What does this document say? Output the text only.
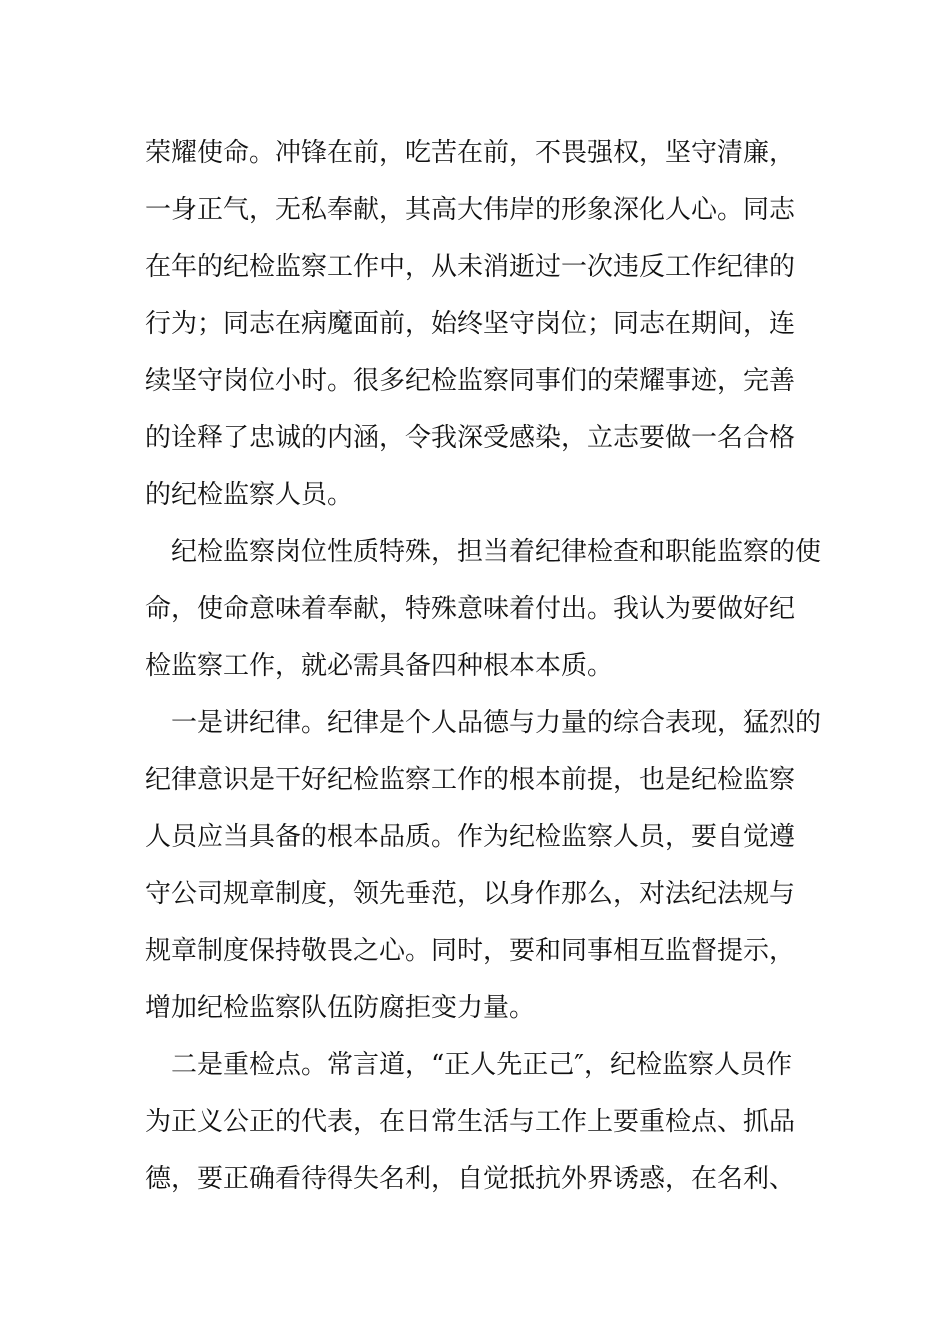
荣耀使命。冲锋在前，吃苦在前，不畏强权，坚守清廉，
一身正气，无私奉献，其高大伟岸的形象深化人心。同志
在年的纪检监察工作中，从未消逝过一次违反工作纪律的
行为；同志在病魔面前，始终坚守岗位；同志在期间，连
续坚守岗位小时。很多纪检监察同事们的荣耀事迹，完善
的诠释了忠诚的内涵，令我深受感染，立志要做一名合格
的纪检监察人员。
纪检监察岗位性质特殊，担当着纪律检查和职能监察的使
命，使命意味着奉献，特殊意味着付出。我认为要做好纪
检监察工作，就必需具备四种根本本质。
一是讲纪律。纪律是个人品德与力量的综合表现，猛烈的
纪律意识是干好纪检监察工作的根本前提，也是纪检监察
人员应当具备的根本品质。作为纪检监察人员，要自觉遵
守公司规章制度，领先垂范，以身作那么，对法纪法规与
规章制度保持敬畏之心。同时，要和同事相互监督提示，
增加纪检监察队伍防腐拒变力量。
二是重检点。常言道，“正人先正己″，纪检监察人员作
为正义公正的代表，在日常生活与工作上要重检点、抓品
德，要正确看待得失名利，自觉抵抗外界诱惑，在名利、
